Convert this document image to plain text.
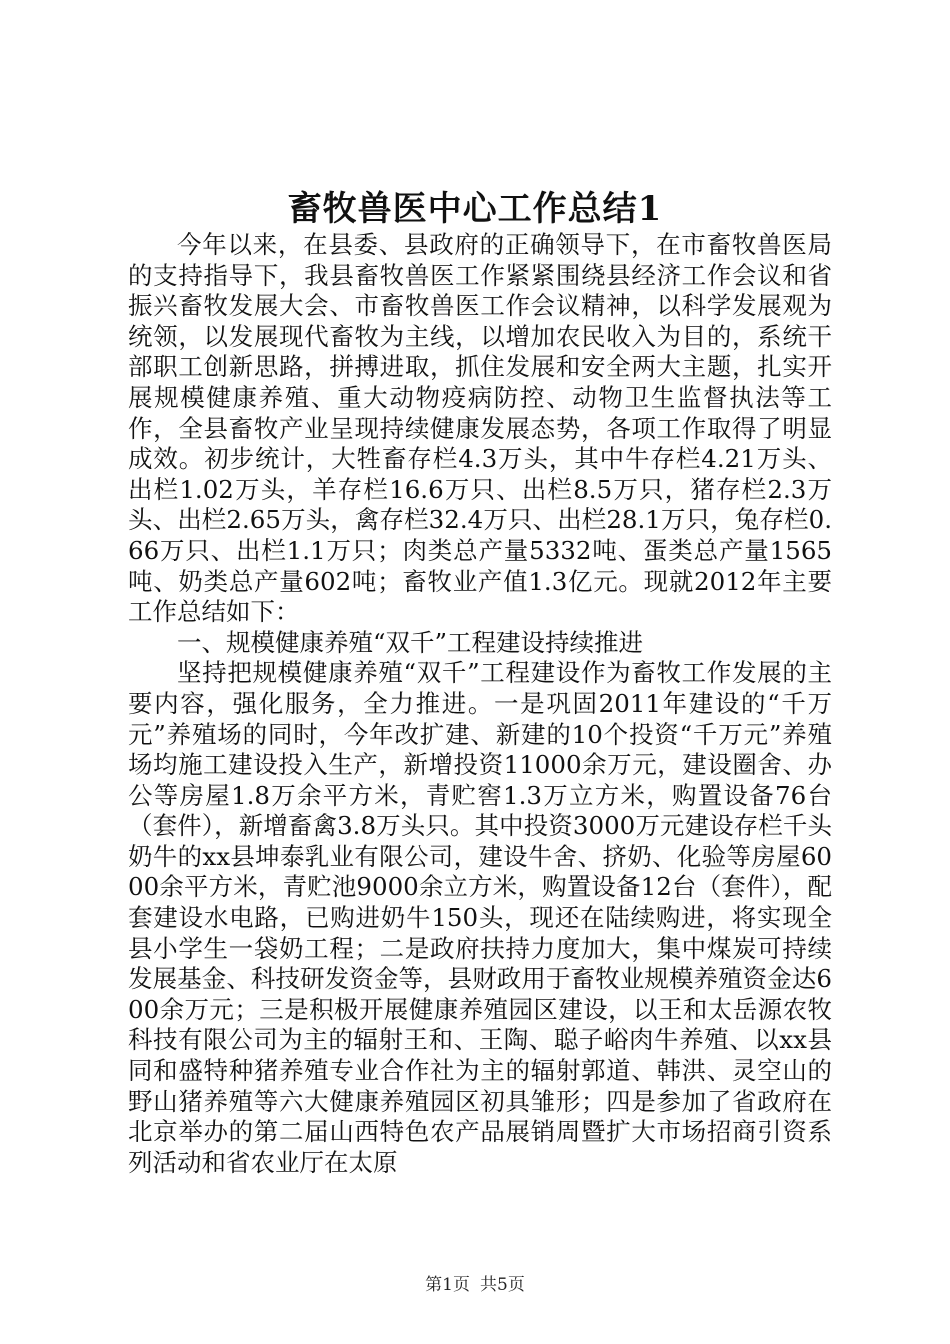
畜牧兽医中心工作总结1

今年以来，在县委、县政府的正确领导下，在市畜牧兽医局的支持指导下，我县畜牧兽医工作紧紧围绕县经济工作会议和省振兴畜牧发展大会、市畜牧兽医工作会议精神，以科学发展观为统领，以发展现代畜牧为主线，以增加农民收入为目的，系统干部职工创新思路，拼搏进取，抓住发展和安全两大主题，扎实开展规模健康养殖、重大动物疫病防控、动物卫生监督执法等工作，全县畜牧产业呈现持续健康发展态势，各项工作取得了明显成效。初步统计，大牲畜存栏4.3万头，其中牛存栏4.21万头、出栏1.02万头，羊存栏16.6万只、出栏8.5万只，猪存栏2.3万头、出栏2.65万头，禽存栏32.4万只、出栏28.1万只，兔存栏0.66万只、出栏1.1万只；肉类总产量5332吨、蛋类总产量1565吨、奶类总产量602吨；畜牧业产值1.3亿元。现就2012年主要工作总结如下：

一、规模健康养殖“双千”工程建设持续推进

坚持把规模健康养殖“双千”工程建设作为畜牧工作发展的主要内容，强化服务，全力推进。一是巩固2011年建设的“千万元”养殖场的同时，今年改扩建、新建的10个投资“千万元”养殖场均施工建设投入生产，新增投资11000余万元，建设圈舍、办公等房屋1.8万余平方米，青贮窖1.3万立方米，购置设备76台（套件），新增畜禽3.8万头只。其中投资3000万元建设存栏千头奶牛的xx县坤泰乳业有限公司，建设牛舍、挤奶、化验等房屋6000余平方米，青贮池9000余立方米，购置设备12台（套件），配套建设水电路，已购进奶牛150头，现还在陆续购进，将实现全县小学生一袋奶工程；二是政府扶持力度加大，集中煤炭可持续发展基金、科技研发资金等，县财政用于畜牧业规模养殖资金达600余万元；三是积极开展健康养殖园区建设，以王和太岳源农牧科技有限公司为主的辐射王和、王陶、聪子峪肉牛养殖、以xx县同和盛特种猪养殖专业合作社为主的辐射郭道、韩洪、灵空山的野山猪养殖等六大健康养殖园区初具雏形；四是参加了省政府在北京举办的第二届山西特色农产品展销周暨扩大市场招商引资系列活动和省农业厅在太原

第1页 共5页
